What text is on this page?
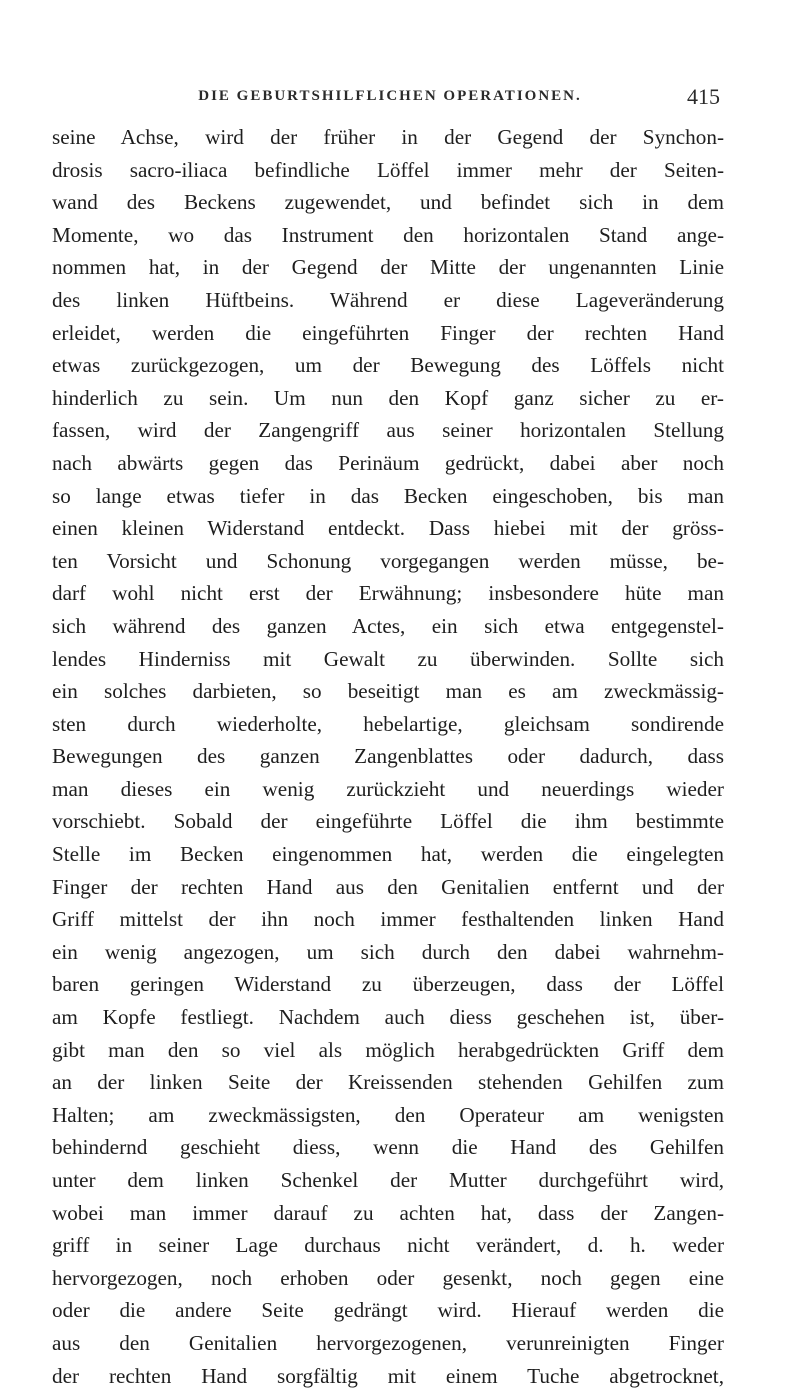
DIE GEBURTSHILFLICHEN OPERATIONEN.	415
seine Achse, wird der früher in der Gegend der Synchon-
drosis sacro-iliaca befindliche Löffel immer mehr der Seiten-
wand des Beckens zugewendet, und befindet sich in dem
Momente, wo das Instrument den horizontalen Stand ange-
nommen hat, in der Gegend der Mitte der ungenannten Linie
des linken Hüftbeins. Während er diese Lageveränderung
erleidet, werden die eingeführten Finger der rechten Hand
etwas zurückgezogen, um der Bewegung des Löffels nicht
hinderlich zu sein. Um nun den Kopf ganz sicher zu er-
fassen, wird der Zangengriff aus seiner horizontalen Stellung
nach abwärts gegen das Perinäum gedrückt, dabei aber noch
so lange etwas tiefer in das Becken eingeschoben, bis man
einen kleinen Widerstand entdeckt. Dass hiebei mit der gröss-
ten Vorsicht und Schonung vorgegangen werden müsse, be-
darf wohl nicht erst der Erwähnung; insbesondere hüte man
sich während des ganzen Actes, ein sich etwa entgegenstel-
lendes Hinderniss mit Gewalt zu überwinden. Sollte sich
ein solches darbieten, so beseitigt man es am zweckmässig-
sten durch wiederholte, hebelartige, gleichsam sondirende
Bewegungen des ganzen Zangenblattes oder dadurch, dass
man dieses ein wenig zurückzieht und neuerdings wieder
vorschiebt. Sobald der eingeführte Löffel die ihm bestimmte
Stelle im Becken eingenommen hat, werden die eingelegten
Finger der rechten Hand aus den Genitalien entfernt und der
Griff mittelst der ihn noch immer festhaltenden linken Hand
ein wenig angezogen, um sich durch den dabei wahrnehm-
baren geringen Widerstand zu überzeugen, dass der Löffel
am Kopfe festliegt. Nachdem auch diess geschehen ist, über-
gibt man den so viel als möglich herabgedrückten Griff dem
an der linken Seite der Kreissenden stehenden Gehilfen zum
Halten; am zweckmässigsten, den Operateur am wenigsten
behindernd geschieht diess, wenn die Hand des Gehilfen
unter dem linken Schenkel der Mutter durchgeführt wird,
wobei man immer darauf zu achten hat, dass der Zangen-
griff in seiner Lage durchaus nicht verändert, d. h. weder
hervorgezogen, noch erhoben oder gesenkt, noch gegen eine
oder die andere Seite gedrängt wird. Hierauf werden die
aus den Genitalien hervorgezogenen, verunreinigten Finger
der rechten Hand sorgfältig mit einem Tuche abgetrocknet,
